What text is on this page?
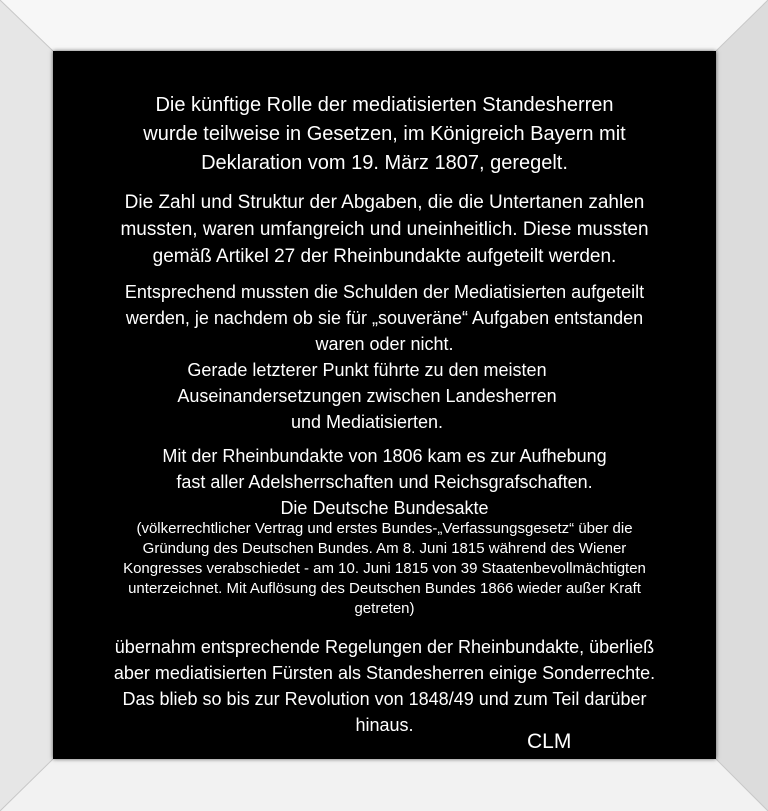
Die künftige Rolle der mediatisierten Standesherren
wurde teilweise in Gesetzen, im Königreich Bayern mit
Deklaration vom 19. März 1807, geregelt.
Die Zahl und Struktur der Abgaben, die die Untertanen zahlen
mussten, waren umfangreich und uneinheitlich. Diese mussten
gemäß Artikel 27 der Rheinbundakte aufgeteilt werden.
Entsprechend mussten die Schulden der Mediatisierten aufgeteilt
werden, je nachdem ob sie für „souveräne“ Aufgaben entstanden
waren oder nicht.
Gerade letzterer Punkt führte zu den meisten
Auseinandersetzungen zwischen Landesherren
und Mediatisierten.
Mit der Rheinbundakte von 1806 kam es zur Aufhebung
fast aller Adelsherrschaften und Reichsgrafschaften.
Die Deutsche Bundesakte
(völkerrechtlicher Vertrag und erstes Bundes-„Verfassungsgesetz“ über die
Gründung des Deutschen Bundes. Am 8. Juni 1815 während des Wiener
Kongresses verabschiedet - am 10. Juni 1815 von 39 Staatenbevollmächtigten
unterzeichnet. Mit Auflösung des Deutschen Bundes 1866 wieder außer Kraft
getreten)
übernahm entsprechende Regelungen der Rheinbundakte, überließ
aber mediatisierten Fürsten als Standesherren einige Sonderrechte.
Das blieb so bis zur Revolution von 1848/49 und zum Teil darüber
hinaus.
CLM
